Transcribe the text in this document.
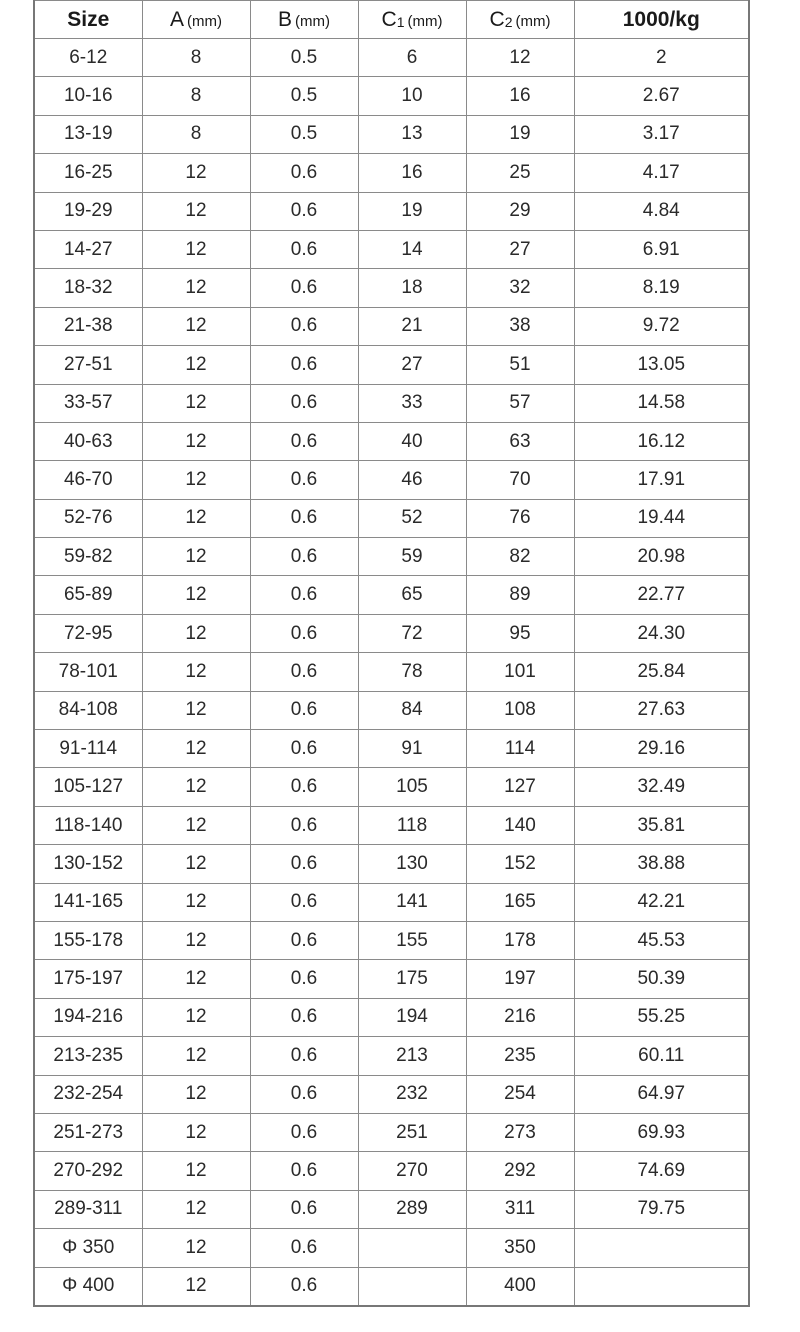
Size	A (mm)	B (mm)	C1 (mm)	C2 (mm)	1000/kg
6-12	8	0.5	6	12	2
10-16	8	0.5	10	16	2.67
13-19	8	0.5	13	19	3.17
16-25	12	0.6	16	25	4.17
19-29	12	0.6	19	29	4.84
14-27	12	0.6	14	27	6.91
18-32	12	0.6	18	32	8.19
21-38	12	0.6	21	38	9.72
27-51	12	0.6	27	51	13.05
33-57	12	0.6	33	57	14.58
40-63	12	0.6	40	63	16.12
46-70	12	0.6	46	70	17.91
52-76	12	0.6	52	76	19.44
59-82	12	0.6	59	82	20.98
65-89	12	0.6	65	89	22.77
72-95	12	0.6	72	95	24.30
78-101	12	0.6	78	101	25.84
84-108	12	0.6	84	108	27.63
91-114	12	0.6	91	114	29.16
105-127	12	0.6	105	127	32.49
118-140	12	0.6	118	140	35.81
130-152	12	0.6	130	152	38.88
141-165	12	0.6	141	165	42.21
155-178	12	0.6	155	178	45.53
175-197	12	0.6	175	197	50.39
194-216	12	0.6	194	216	55.25
213-235	12	0.6	213	235	60.11
232-254	12	0.6	232	254	64.97
251-273	12	0.6	251	273	69.93
270-292	12	0.6	270	292	74.69
289-311	12	0.6	289	311	79.75
Φ 350	12	0.6		350	
Φ 400	12	0.6		400	
